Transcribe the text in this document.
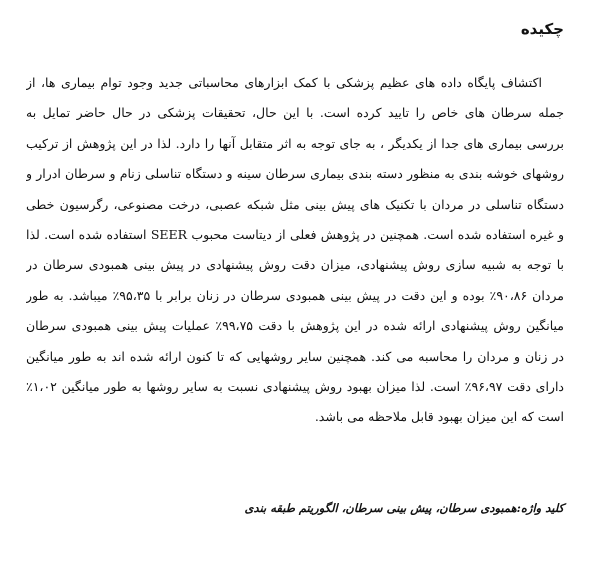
چکیده
اکتشاف پایگاه داده های عظیم پزشکی با کمک ابزارهای محاسباتی جدید وجود توام بیماری ها، از
جمله سرطان های خاص را تایید کرده است. با این حال، تحقیقات پزشکی در حال حاضر تمایل به
بررسی بیماری های جدا از یکدیگر ، به جای توجه به اثر متقابل آنها را دارد. لذا در این پژوهش از ترکیب
روشهای خوشه بندی به منظور دسته بندی بیماری سرطان سینه و دستگاه تناسلی زنام و سرطان ادرار و
دستگاه تناسلی در مردان با تکنیک های پیش بینی مثل شبکه عصبی، درخت مصنوعی، رگرسیون خطی
و غیره استفاده شده است. همچنین در پژوهش فعلی از دیتاست محبوب SEER استفاده شده است. لذا
با توجه به شبیه سازی روش پیشنهادی، میزان دقت روش پیشنهادی در پیش بینی همبودی سرطان در
مردان ۹۰،۸۶٪ بوده و این دقت در پیش بینی همبودی سرطان در زنان برابر با ۹۵،۳۵٪ میباشد. به طور
میانگین روش پیشنهادی ارائه شده در این پژوهش با دقت ۹۹،۷۵٪ عملیات پیش بینی همبودی سرطان
در زنان و مردان را محاسبه می کند. همچنین سایر روشهایی که تا کنون ارائه شده اند به طور میانگین
دارای دقت ۹۶،۹۷٪ است. لذا میزان بهبود روش پیشنهادی نسبت به سایر روشها به طور میانگین ۱،۰۲٪
است که این میزان بهبود قابل ملاحظه می باشد.
کلید واژه:همبودی سرطان، پیش بینی سرطان، الگوریتم طبقه بندی
